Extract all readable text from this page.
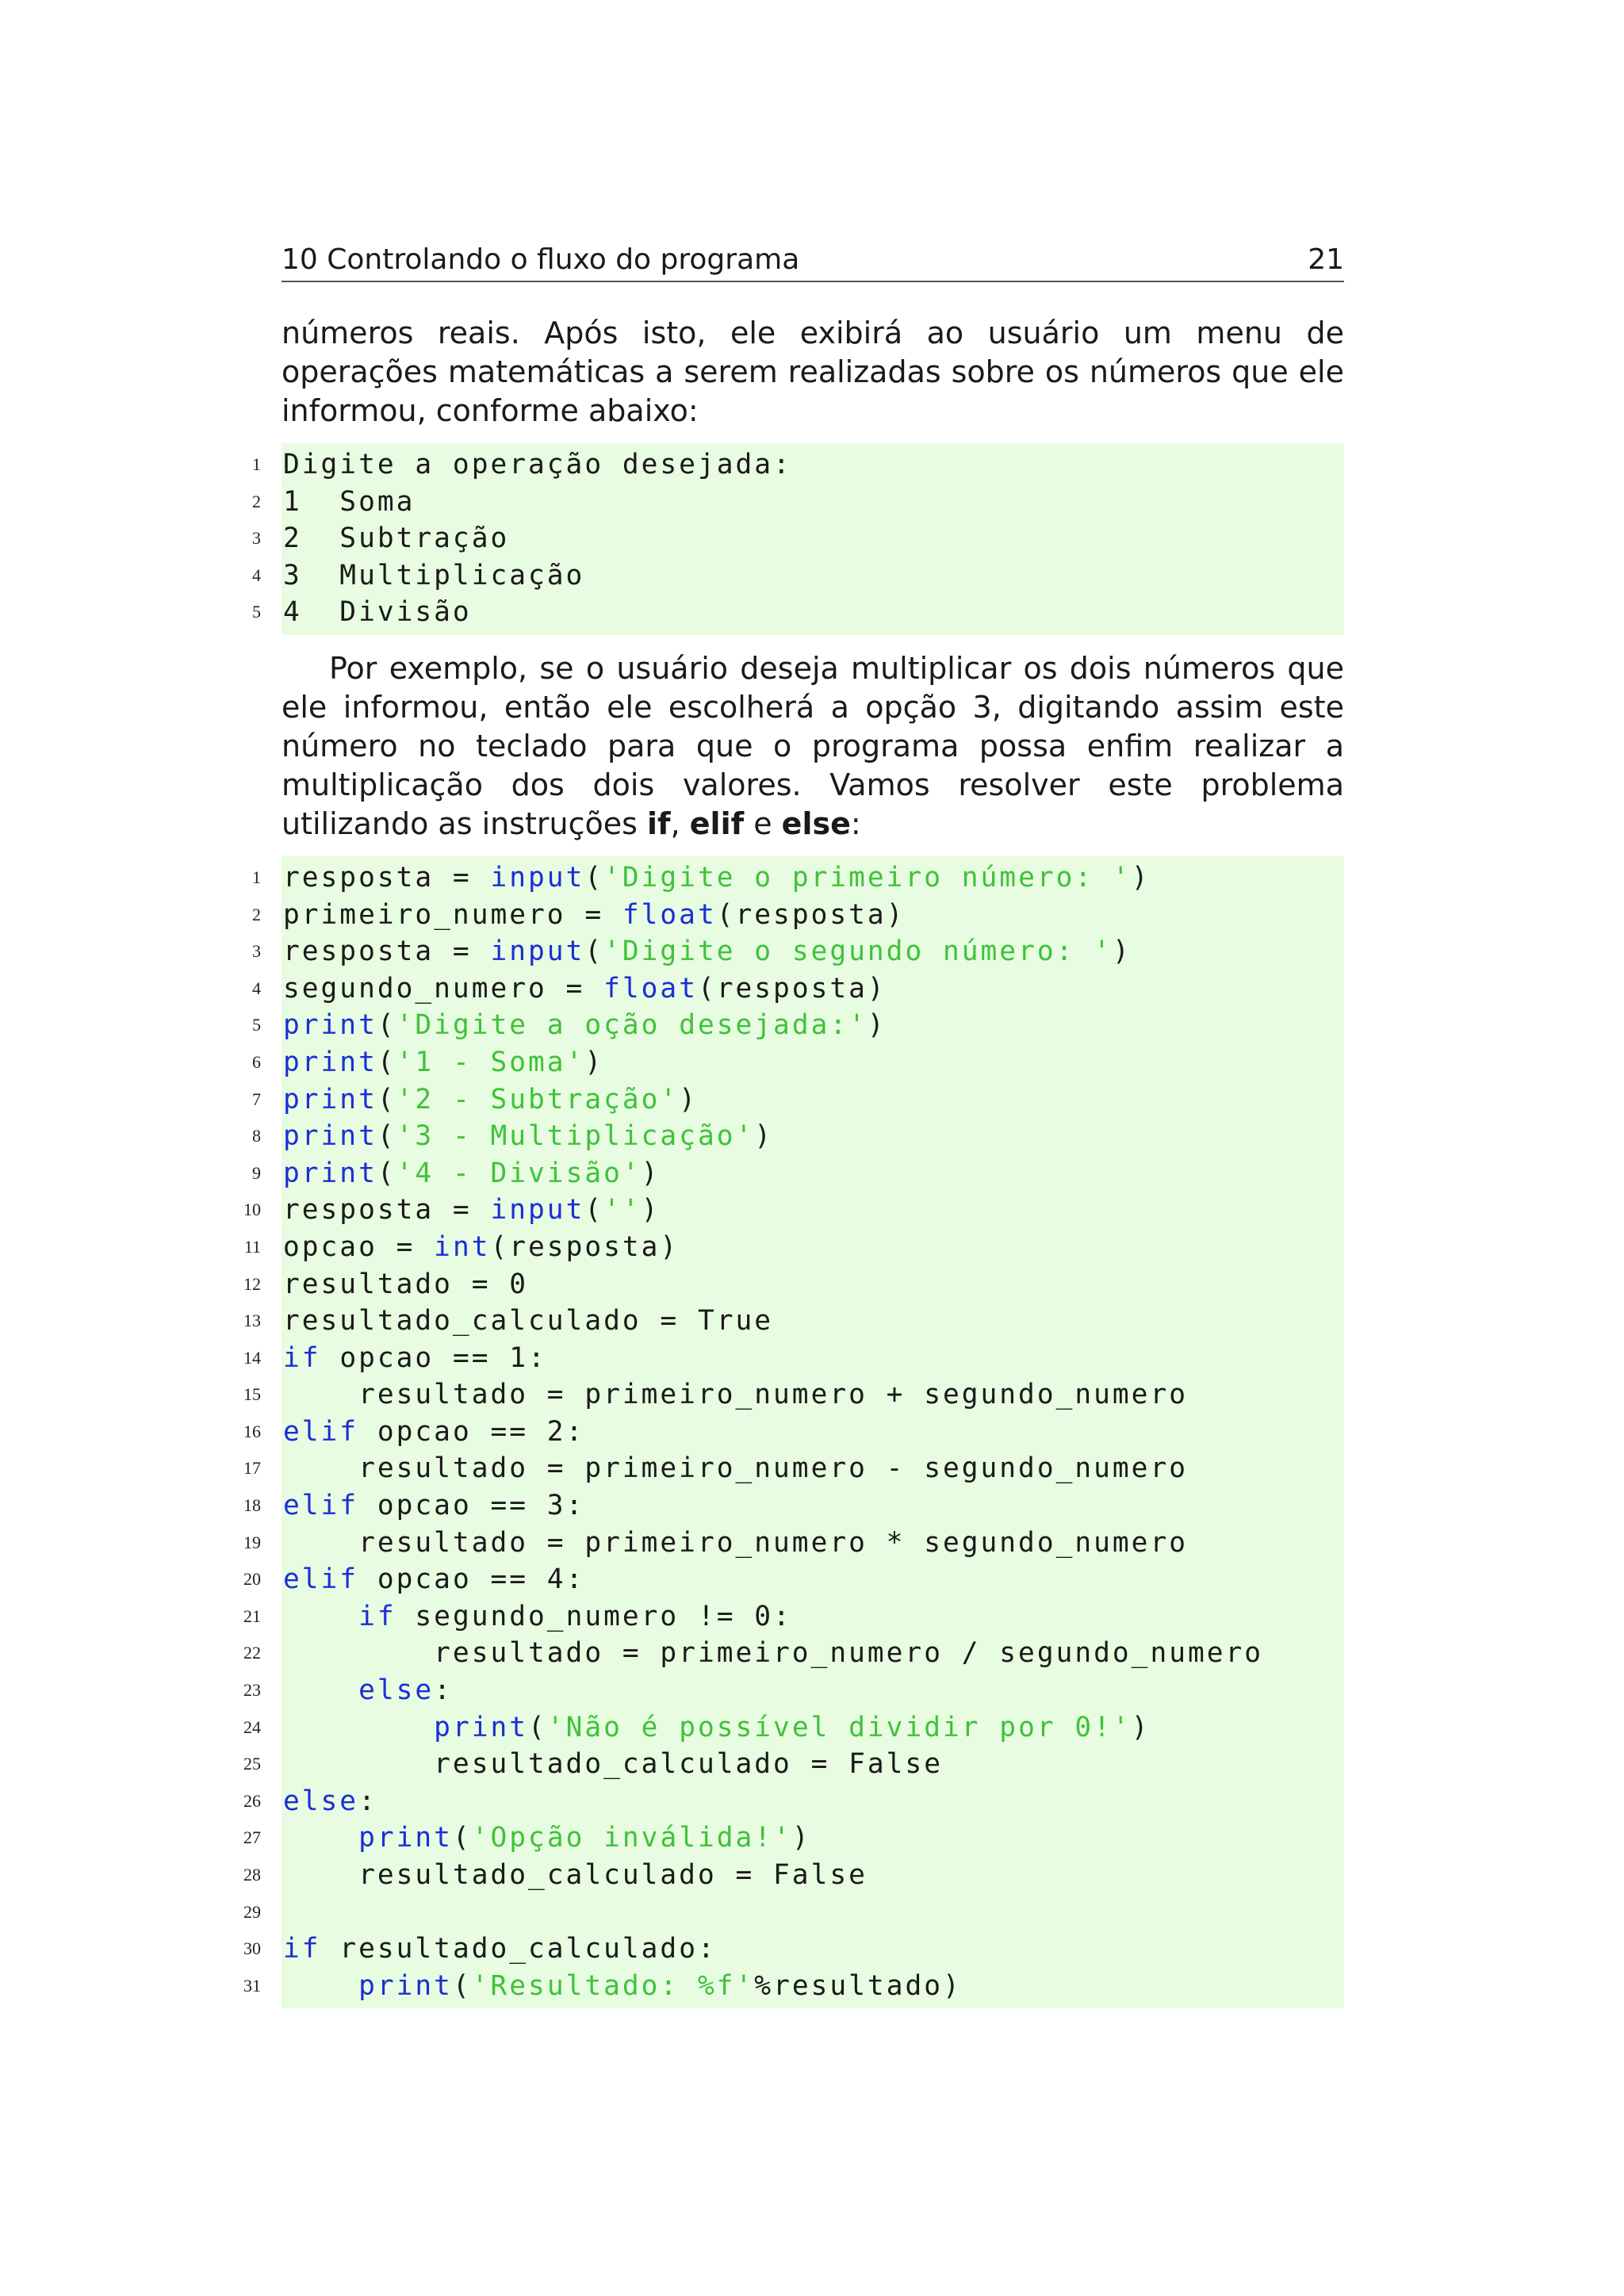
10 Controlando o fluxo do programa	21

números reais. Após isto, ele exibirá ao usuário um menu de operações matemáticas a serem realizadas sobre os números que ele informou, conforme abaixo:

1 Digite a operação desejada:
2 1  Soma
3 2  Subtração
4 3  Multiplicação
5 4  Divisão

Por exemplo, se o usuário deseja multiplicar os dois números que ele informou, então ele escolherá a opção 3, digitando assim este número no teclado para que o programa possa enfim realizar a multiplicação dos dois valores. Vamos resolver este problema utilizando as instruções if, elif e else:

1 resposta = input('Digite o primeiro número: ')
2 primeiro_numero = float(resposta)
3 resposta = input('Digite o segundo número: ')
4 segundo_numero = float(resposta)
5 print('Digite a oção desejada:')
6 print('1 - Soma')
7 print('2 - Subtração')
8 print('3 - Multiplicação')
9 print('4 - Divisão')
10 resposta = input('')
11 opcao = int(resposta)
12 resultado = 0
13 resultado_calculado = True
14 if opcao == 1:
15 resultado = primeiro_numero + segundo_numero
16 elif opcao == 2:
17 resultado = primeiro_numero - segundo_numero
18 elif opcao == 3:
19 resultado = primeiro_numero * segundo_numero
20 elif opcao == 4:
21	if segundo_numero != 0:
22 resultado = primeiro_numero / segundo_numero
23	else:
24	print('Não é possível dividir por 0!')
25 resultado_calculado = False
26 else:
27	print('Opção inválida!')
28 resultado_calculado = False
29
30 if resultado_calculado:
31	print('Resultado: %f'%resultado)
